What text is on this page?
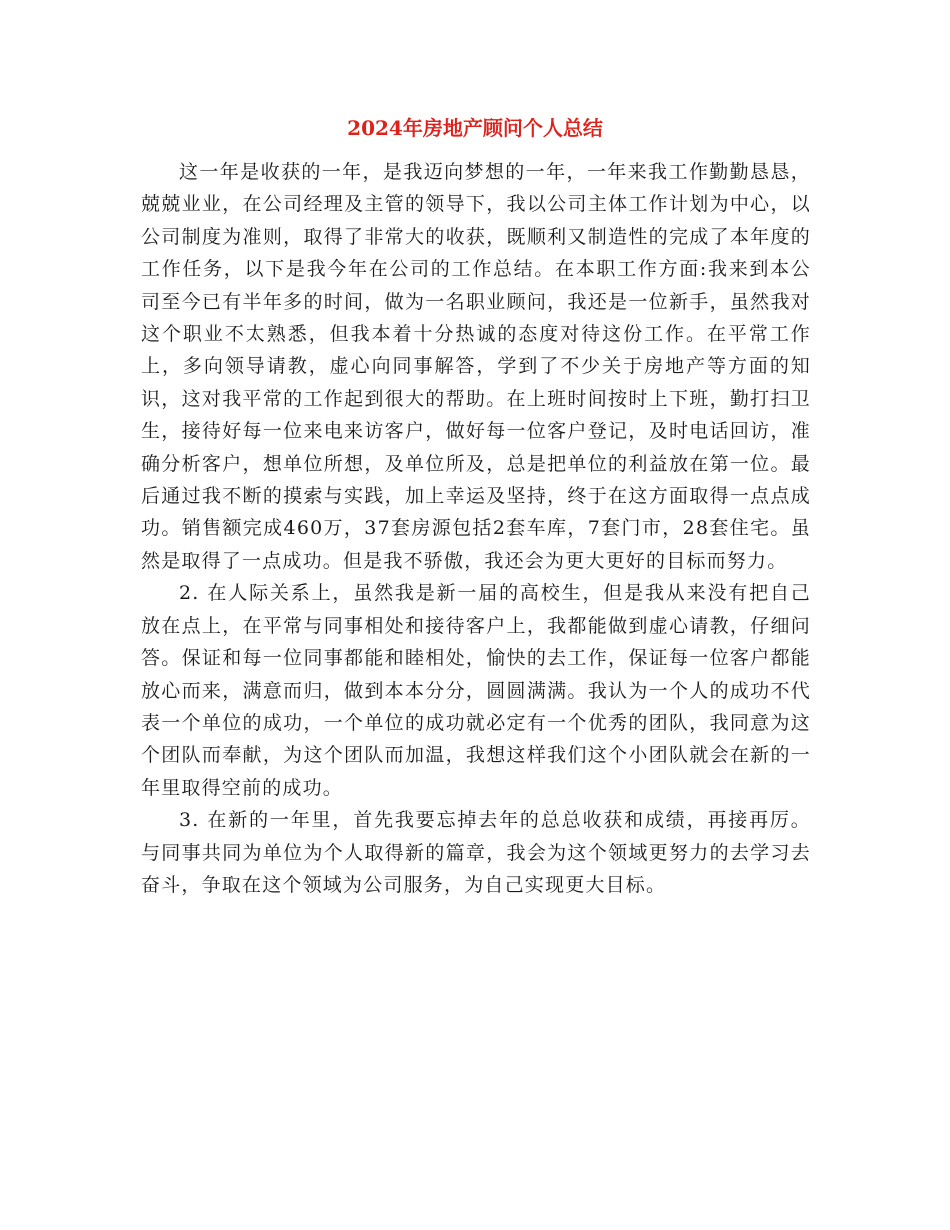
2024年房地产顾问个人总结

这一年是收获的一年，是我迈向梦想的一年，一年来我工作勤勤恳恳，兢兢业业，在公司经理及主管的领导下，我以公司主体工作计划为中心，以公司制度为准则，取得了非常大的收获，既顺利又制造性的完成了本年度的工作任务，以下是我今年在公司的工作总结。在本职工作方面:我来到本公司至今已有半年多的时间，做为一名职业顾问，我还是一位新手，虽然我对这个职业不太熟悉，但我本着十分热诚的态度对待这份工作。在平常工作上，多向领导请教，虚心向同事解答，学到了不少关于房地产等方面的知识，这对我平常的工作起到很大的帮助。在上班时间按时上下班，勤打扫卫生，接待好每一位来电来访客户，做好每一位客户登记，及时电话回访，准确分析客户，想单位所想，及单位所及，总是把单位的利益放在第一位。最后通过我不断的摸索与实践，加上幸运及坚持，终于在这方面取得一点点成功。销售额完成460万，37套房源包括2套车库，7套门市，28套住宅。虽然是取得了一点成功。但是我不骄傲，我还会为更大更好的目标而努力。

2. 在人际关系上，虽然我是新一届的高校生，但是我从来没有把自己放在点上，在平常与同事相处和接待客户上，我都能做到虚心请教，仔细问答。保证和每一位同事都能和睦相处，愉快的去工作，保证每一位客户都能放心而来，满意而归，做到本本分分，圆圆满满。我认为一个人的成功不代表一个单位的成功，一个单位的成功就必定有一个优秀的团队，我同意为这个团队而奉献，为这个团队而加温，我想这样我们这个小团队就会在新的一年里取得空前的成功。

3. 在新的一年里，首先我要忘掉去年的总总收获和成绩，再接再厉。与同事共同为单位为个人取得新的篇章，我会为这个领域更努力的去学习去奋斗，争取在这个领域为公司服务，为自己实现更大目标。
